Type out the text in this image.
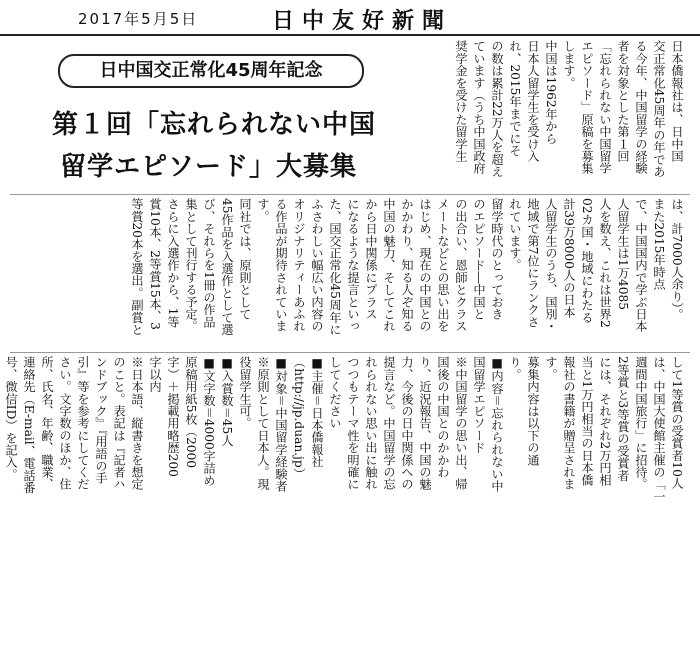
2017年5月5日	日中友好新聞
日中国交正常化45周年記念
第１回「忘れられない中国
留学エピソード」大募集
日本僑報社は、日中国
交正常化45周年の年であ
る今年、中国留学の経験
者を対象とした第１回
「忘れられない中国留学
エピソード」原稿を募集
します。
中国は1962年から
日本人留学生を受け入
れ、2015年までにそ
の数は累計22万人を超え
ています（うち中国政府
奨学金を受けた留学生
は、計7000人余り）。
また2015年時点
で、中国国内で学ぶ日本
人留学生は1万4085
人を数え、これは世界2
02カ国・地域にわたる
計39万8000人の日本
人留学生のうち、国別・
地域で第7位にランクさ
れています。
留学時代のとっておき
のエピソード―中国と
の出合い、恩師とクラス
メートなどとの思い出を
はじめ、現在の中国との
かかわり、知る人ぞ知る
中国の魅力、そしてこれ
から日中関係にプラス
になるような提言といっ
た、国交正常化45周年に
ふさわしい幅広い内容の
オリジナリティーあふれ
る作品が期待されていま
す。
同社では、原則として
45作品を入選作として選
び、それらを1冊の作品
集として刊行する予定。
さらに入選作から、1等
賞10本、2等賞15本、3
等賞20本を選出。副賞と
して1等賞の受賞者10人
は、中国大使館主催の「一
週間中国旅行」に招待。
2等賞と3等賞の受賞者
には、それぞれ2万円相
当と1万円相当の日本僑
報社の書籍が贈呈されま
す。
募集内容は以下の通
り。
■内容＝忘れられない中
国留学エピソード
※中国留学の思い出、帰
国後の中国とのかかわ
り、近況報告、中国の魅
力、今後の日中関係への
提言など。中国留学の忘
れられない思い出に触れ
つつもテーマ性を明確に
してください
■主催＝日本僑報社
（http://jp.duan.jp）
■対象＝中国留学経験者
※原則として日本人。現
役留学生可。
■入賞数＝45人
■文字数＝4000字詰め
原稿用紙5枚（2000
字）＋掲載用略歴200
字以内
※日本語、縦書きを想定
のこと。表記は『記者ハ
ンドブック』『用語の手
引』等を参考にしてくだ
さい。文字数のほか、住
所、氏名、年齢、職業、
連絡先（E-mail、電話番
号、微信ID）を記入。
